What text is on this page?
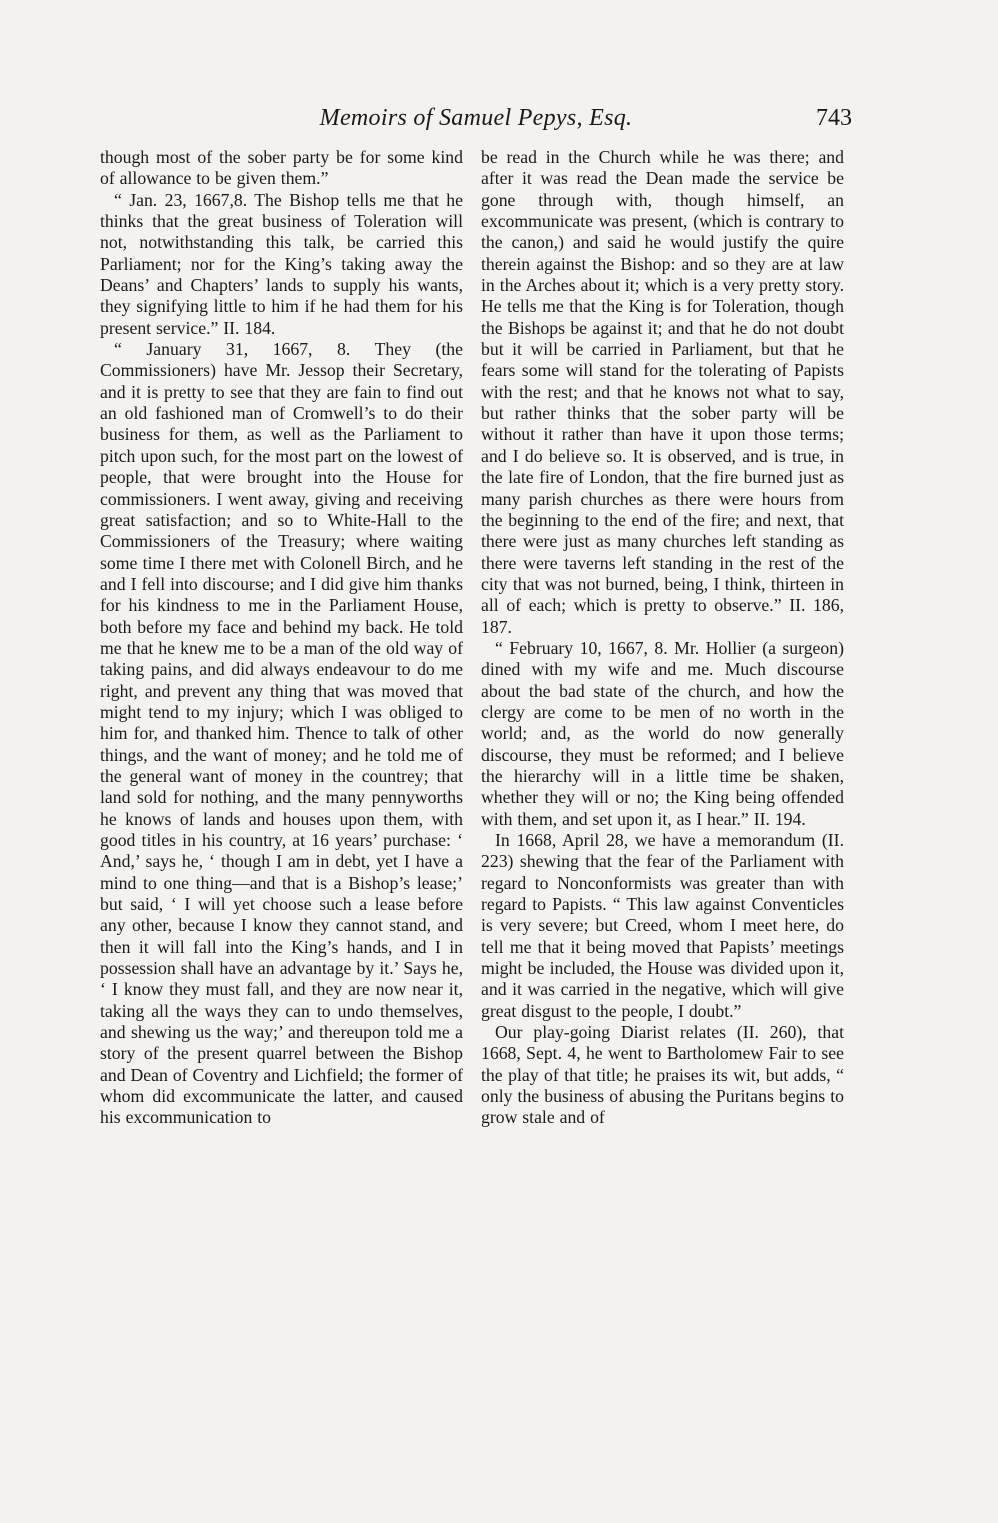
Memoirs of Samuel Pepys, Esq.	743

though most of the sober party be for some kind of allowance to be given them.”

“ Jan. 23, 1667,8. The Bishop tells me that he thinks that the great business of Toleration will not, notwithstanding this talk, be carried this Parliament; nor for the King’s taking away the Deans’ and Chapters’ lands to supply his wants, they signifying little to him if he had them for his present service.” II. 184.

“ January 31, 1667, 8. They (the Commissioners) have Mr. Jessop their Secretary, and it is pretty to see that they are fain to find out an old fashioned man of Cromwell’s to do their business for them, as well as the Parliament to pitch upon such, for the most part on the lowest of people, that were brought into the House for commissioners. I went away, giving and receiving great satisfaction; and so to White-Hall to the Commissioners of the Treasury; where waiting some time I there met with Colonell Birch, and he and I fell into discourse; and I did give him thanks for his kindness to me in the Parliament House, both before my face and behind my back. He told me that he knew me to be a man of the old way of taking pains, and did always endeavour to do me right, and prevent any thing that was moved that might tend to my injury; which I was obliged to him for, and thanked him. Thence to talk of other things, and the want of money; and he told me of the general want of money in the countrey; that land sold for nothing, and the many pennyworths he knows of lands and houses upon them, with good titles in his country, at 16 years’ purchase: ‘ And,’ says he, ‘ though I am in debt, yet I have a mind to one thing—and that is a Bishop’s lease;’ but said, ‘ I will yet choose such a lease before any other, because I know they cannot stand, and then it will fall into the King’s hands, and I in possession shall have an advantage by it.’ Says he, ‘ I know they must fall, and they are now near it, taking all the ways they can to undo themselves, and shewing us the way;’ and thereupon told me a story of the present quarrel between the Bishop and Dean of Coventry and Lichfield; the former of whom did excommunicate the latter, and caused his excommunication to

be read in the Church while he was there; and after it was read the Dean made the service be gone through with, though himself, an excommunicate was present, (which is contrary to the canon,) and said he would justify the quire therein against the Bishop: and so they are at law in the Arches about it; which is a very pretty story. He tells me that the King is for Toleration, though the Bishops be against it; and that he do not doubt but it will be carried in Parliament, but that he fears some will stand for the tolerating of Papists with the rest; and that he knows not what to say, but rather thinks that the sober party will be without it rather than have it upon those terms; and I do believe so. It is observed, and is true, in the late fire of London, that the fire burned just as many parish churches as there were hours from the beginning to the end of the fire; and next, that there were just as many churches left standing as there were taverns left standing in the rest of the city that was not burned, being, I think, thirteen in all of each; which is pretty to observe.” II. 186, 187.

“ February 10, 1667, 8. Mr. Hollier (a surgeon) dined with my wife and me. Much discourse about the bad state of the church, and how the clergy are come to be men of no worth in the world; and, as the world do now generally discourse, they must be reformed; and I believe the hierarchy will in a little time be shaken, whether they will or no; the King being offended with them, and set upon it, as I hear.” II. 194.

In 1668, April 28, we have a memorandum (II. 223) shewing that the fear of the Parliament with regard to Nonconformists was greater than with regard to Papists. “ This law against Conventicles is very severe; but Creed, whom I meet here, do tell me that it being moved that Papists’ meetings might be included, the House was divided upon it, and it was carried in the negative, which will give great disgust to the people, I doubt.”

Our play-going Diarist relates (II. 260), that 1668, Sept. 4, he went to Bartholomew Fair to see the play of that title; he praises its wit, but adds, “ only the business of abusing the Puritans begins to grow stale and of
